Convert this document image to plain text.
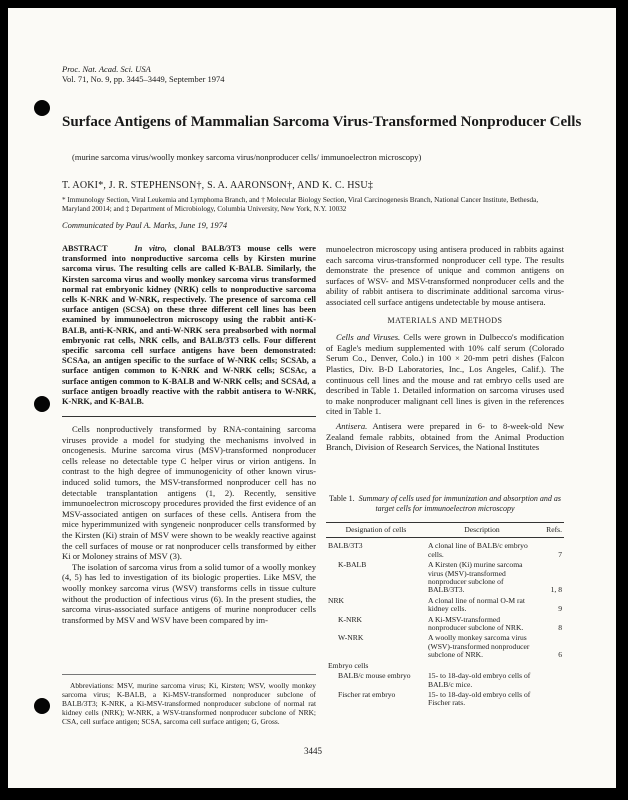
Proc. Nat. Acad. Sci. USA
Vol. 71, No. 9, pp. 3445–3449, September 1974
Surface Antigens of Mammalian Sarcoma Virus-Transformed Nonproducer Cells
(murine sarcoma virus/woolly monkey sarcoma virus/nonproducer cells/ immunoelectron microscopy)
T. AOKI*, J. R. STEPHENSON†, S. A. AARONSON†, AND K. C. HSU‡
* Immunology Section, Viral Leukemia and Lymphoma Branch, and † Molecular Biology Section, Viral Carcinogenesis Branch, National Cancer Institute, Bethesda, Maryland 20014; and ‡ Department of Microbiology, Columbia University, New York, N.Y. 10032
Communicated by Paul A. Marks, June 19, 1974
ABSTRACT	In vitro, clonal BALB/3T3 mouse cells were transformed into nonproductive sarcoma cells by Kirsten murine sarcoma virus. The resulting cells are called K-BALB. Similarly, the Kirsten sarcoma virus and woolly monkey sarcoma virus transformed normal rat embryonic kidney (NRK) cells to nonproductive sarcoma cells K-NRK and W-NRK, respectively. The presence of sarcoma cell surface antigen (SCSA) on these three different cell lines has been examined by immunoelectron microscopy using the rabbit anti-K-BALB, anti-K-NRK, and anti-W-NRK sera preabsorbed with normal embryonic rat cells, NRK cells, and BALB/3T3 cells. Four different specific sarcoma cell surface antigens have been demonstrated: SCSAa, an antigen specific to the surface of W-NRK cells; SCSAb, a surface antigen common to K-NRK and W-NRK cells; SCSAc, a surface antigen common to K-BALB and W-NRK cells; and SCSAd, a surface antigen broadly reactive with the rabbit antisera to W-NRK, K-NRK, and K-BALB.

Cells nonproductively transformed by RNA-containing sarcoma viruses provide a model for studying the mechanisms involved in oncogenesis. Murine sarcoma virus (MSV)-transformed nonproducer cells release no detectable type C helper virus or virion antigens. In contrast to the high degree of immunogenicity of other known virus-induced solid tumors, the MSV-transformed nonproducer cell has no detectable transplantation antigens (1, 2). Recently, sensitive immunoelectron microscopy procedures provided the first evidence of an MSV-associated antigen on surfaces of these cells. Antisera from the mice hyperimmunized with syngeneic nonproducer cells transformed by the Kirsten (Ki) strain of MSV were shown to be weakly reactive against the cell surfaces of mouse or rat nonproducer cells transformed by either Ki or Moloney strains of MSV (3).

The isolation of sarcoma virus from a solid tumor of a woolly monkey (4, 5) has led to investigation of its biologic properties. Like MSV, the woolly monkey sarcoma virus (WSV) transforms cells in tissue culture without the production of infectious virus (6). In the present studies, the sarcoma virus-associated surface antigens of murine nonproducer cells transformed by MSV and WSV have been compared by im-

Abbreviations: MSV, murine sarcoma virus; Ki, Kirsten; WSV, woolly monkey sarcoma virus; K-BALB, a Ki-MSV-transformed nonproducer subclone of BALB/3T3; K-NRK, a Ki-MSV-transformed nonproducer subclone of normal rat kidney cells (NRK); W-NRK, a WSV-transformed nonproducer subclone of NRK; CSA, cell surface antigen; SCSA, sarcoma cell surface antigen; G, Gross.

munoelectron microscopy using antisera produced in rabbits against each sarcoma virus-transformed nonproducer cell type. The results demonstrate the presence of unique and common antigens on surfaces of WSV- and MSV-transformed nonproducer cells and the ability of rabbit antisera to discriminate additional sarcoma virus-associated cell surface antigens undetectable by mouse antisera.

MATERIALS AND METHODS

Cells and Viruses. Cells were grown in Dulbecco's modification of Eagle's medium supplemented with 10% calf serum (Colorado Serum Co., Denver, Colo.) in 100 × 20-mm petri dishes (Falcon Plastics, Div. B-D Laboratories, Inc., Los Angeles, Calif.). The continuous cell lines and the mouse and rat embryo cells used are described in Table 1. Detailed information on sarcoma viruses used to make nonproducer malignant cell lines is given in the references cited in Table 1.

Antisera. Antisera were prepared in 6- to 8-week-old New Zealand female rabbits, obtained from the Animal Production Branch, Division of Research Services, the National Institutes

Table 1. Summary of cells used for immunization and absorption and as target cells for immunoelectron microscopy
Designation of cells	Description	Refs.
BALB/3T3	A clonal line of BALB/c embryo cells.	7
K-BALB	A Kirsten (Ki) murine sarcoma virus (MSV)-transformed nonproducer subclone of BALB/3T3.	1, 8
NRK	A clonal line of normal O-M rat kidney cells.	9
K-NRK	A Ki-MSV-transformed nonproducer subclone of NRK.	8
W-NRK	A woolly monkey sarcoma virus (WSV)-transformed nonproducer subclone of NRK.	6
Embryo cells		
BALB/c mouse embryo	15- to 18-day-old embryo cells of BALB/c mice.	
Fischer rat embryo	15- to 18-day-old embryo cells of Fischer rats.	
3445
